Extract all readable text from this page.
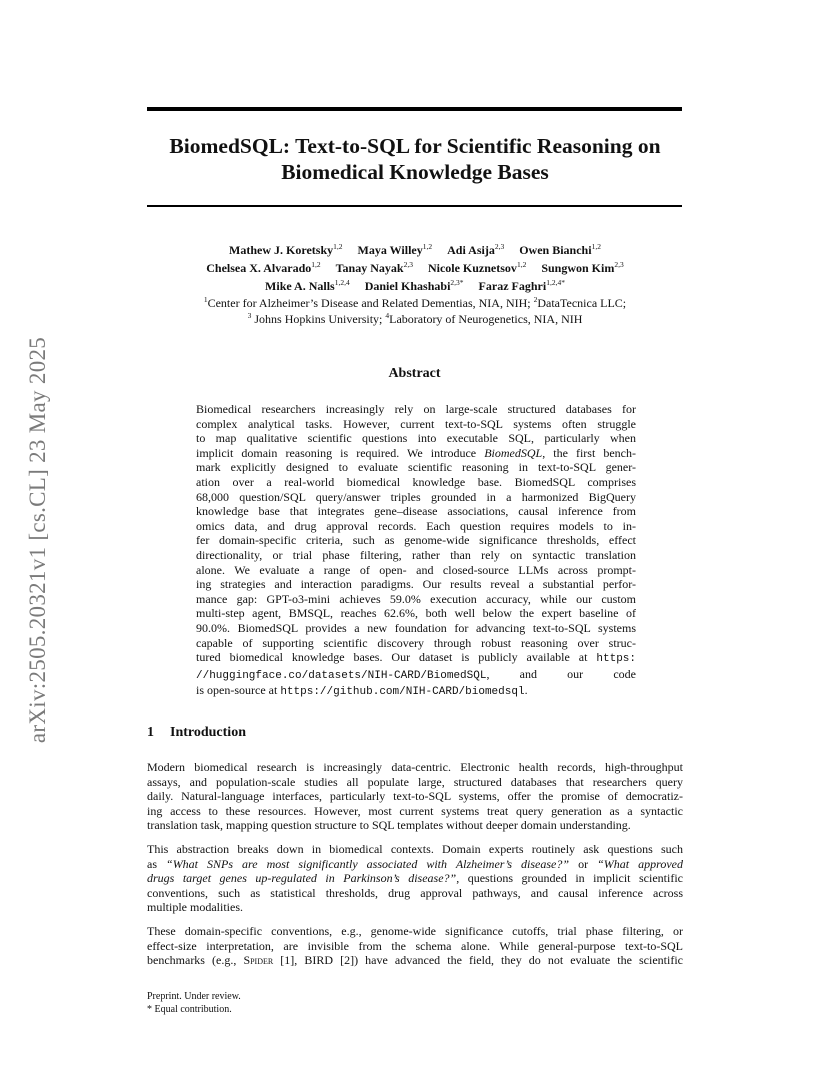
arXiv:2505.20321v1 [cs.CL] 23 May 2025
BiomedSQL: Text-to-SQL for Scientific Reasoning on
Biomedical Knowledge Bases
Mathew J. Koretsky$^{1,2}$ Maya Willey$^{1,2}$ Adi Asija$^{2,3}$ Owen Bianchi$^{1,2}$
Chelsea X. Alvarado$^{1,2}$ Tanay Nayak$^{2,3}$ Nicole Kuznetsov$^{1,2}$ Sungwon Kim$^{2,3}$
Mike A. Nalls$^{1,2,4}$ Daniel Khashabi$^{2,3*}$ Faraz Faghri$^{1,2,4*}$
$^1$Center for Alzheimer’s Disease and Related Dementias, NIA, NIH; $^2$DataTecnica LLC;
$^3$ Johns Hopkins University; $^4$Laboratory of Neurogenetics, NIA, NIH
Abstract
Biomedical researchers increasingly rely on large-scale structured databases for
complex analytical tasks. However, current text-to-SQL systems often struggle
to map qualitative scientific questions into executable SQL, particularly when
implicit domain reasoning is required. We introduce BiomedSQL, the first bench-
mark explicitly designed to evaluate scientific reasoning in text-to-SQL gener-
ation over a real-world biomedical knowledge base. BiomedSQL comprises
68,000 question/SQL query/answer triples grounded in a harmonized BigQuery
knowledge base that integrates gene–disease associations, causal inference from
omics data, and drug approval records. Each question requires models to in-
fer domain-specific criteria, such as genome-wide significance thresholds, effect
directionality, or trial phase filtering, rather than rely on syntactic translation
alone. We evaluate a range of open- and closed-source LLMs across prompt-
ing strategies and interaction paradigms. Our results reveal a substantial perfor-
mance gap: GPT-o3-mini achieves 59.0% execution accuracy, while our custom
multi-step agent, BMSQL, reaches 62.6%, both well below the expert baseline of
90.0%. BiomedSQL provides a new foundation for advancing text-to-SQL systems
capable of supporting scientific discovery through robust reasoning over struc-
tured biomedical knowledge bases. Our dataset is publicly available at https:
//huggingface.co/datasets/NIH-CARD/BiomedSQL, and our code
is open-source at https://github.com/NIH-CARD/biomedsql.
1 Introduction
Modern biomedical research is increasingly data-centric. Electronic health records, high-throughput
assays, and population-scale studies all populate large, structured databases that researchers query
daily. Natural-language interfaces, particularly text-to-SQL systems, offer the promise of democratiz-
ing access to these resources. However, most current systems treat query generation as a syntactic
translation task, mapping question structure to SQL templates without deeper domain understanding.
This abstraction breaks down in biomedical contexts. Domain experts routinely ask questions such
as “What SNPs are most significantly associated with Alzheimer’s disease?” or “What approved
drugs target genes up-regulated in Parkinson’s disease?”, questions grounded in implicit scientific
conventions, such as statistical thresholds, drug approval pathways, and causal inference across
multiple modalities.
These domain-specific conventions, e.g., genome-wide significance cutoffs, trial phase filtering, or
effect-size interpretation, are invisible from the schema alone. While general-purpose text-to-SQL
benchmarks (e.g., Spider [1], BIRD [2]) have advanced the field, they do not evaluate the scientific
Preprint. Under review.
* Equal contribution.
